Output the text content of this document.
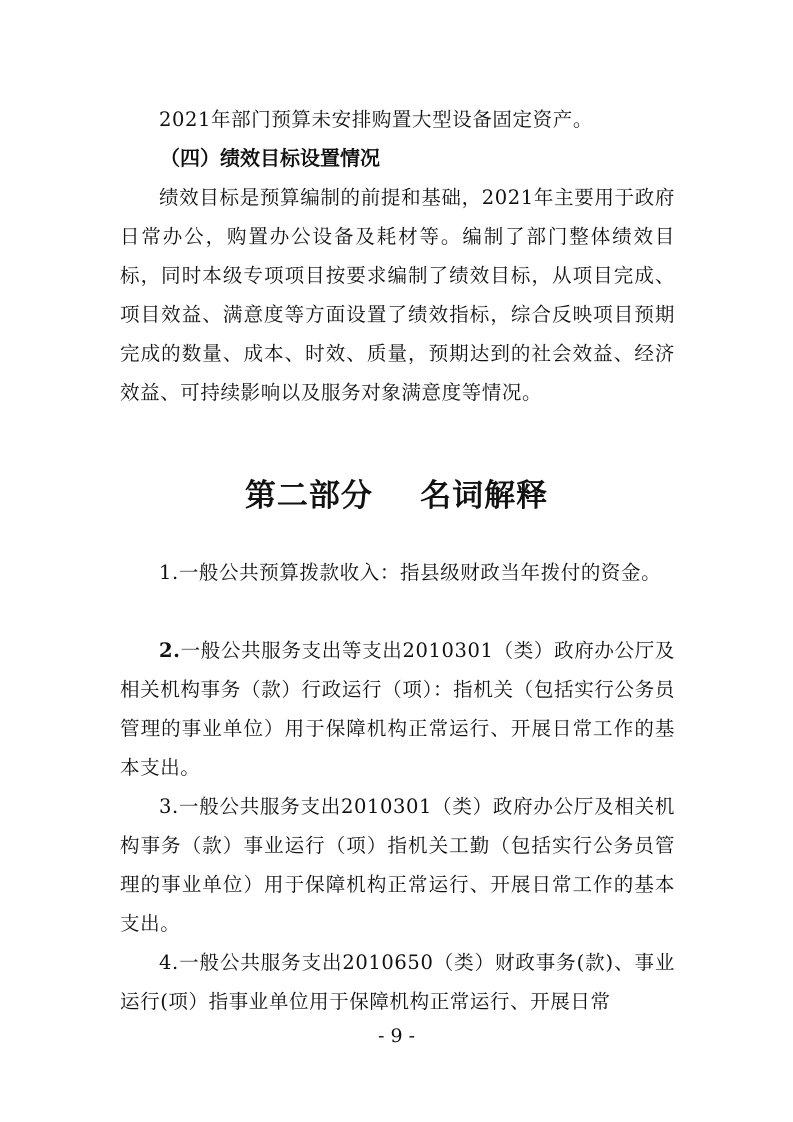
2021年部门预算未安排购置大型设备固定资产。

（四）绩效目标设置情况

绩效目标是预算编制的前提和基础，2021年主要用于政府日常办公，购置办公设备及耗材等。编制了部门整体绩效目标，同时本级专项项目按要求编制了绩效目标，从项目完成、项目效益、满意度等方面设置了绩效指标，综合反映项目预期完成的数量、成本、时效、质量，预期达到的社会效益、经济效益、可持续影响以及服务对象满意度等情况。

第二部分    名词解释

1.一般公共预算拨款收入：指县级财政当年拨付的资金。

2.一般公共服务支出等支出2010301（类）政府办公厅及相关机构事务（款）行政运行（项）：指机关（包括实行公务员管理的事业单位）用于保障机构正常运行、开展日常工作的基本支出。

3.一般公共服务支出2010301（类）政府办公厅及相关机构事务（款）事业运行（项）指机关工勤（包括实行公务员管理的事业单位）用于保障机构正常运行、开展日常工作的基本支出。

4.一般公共服务支出2010650（类）财政事务(款)、事业运行(项）指事业单位用于保障机构正常运行、开展日常

- 9 -
